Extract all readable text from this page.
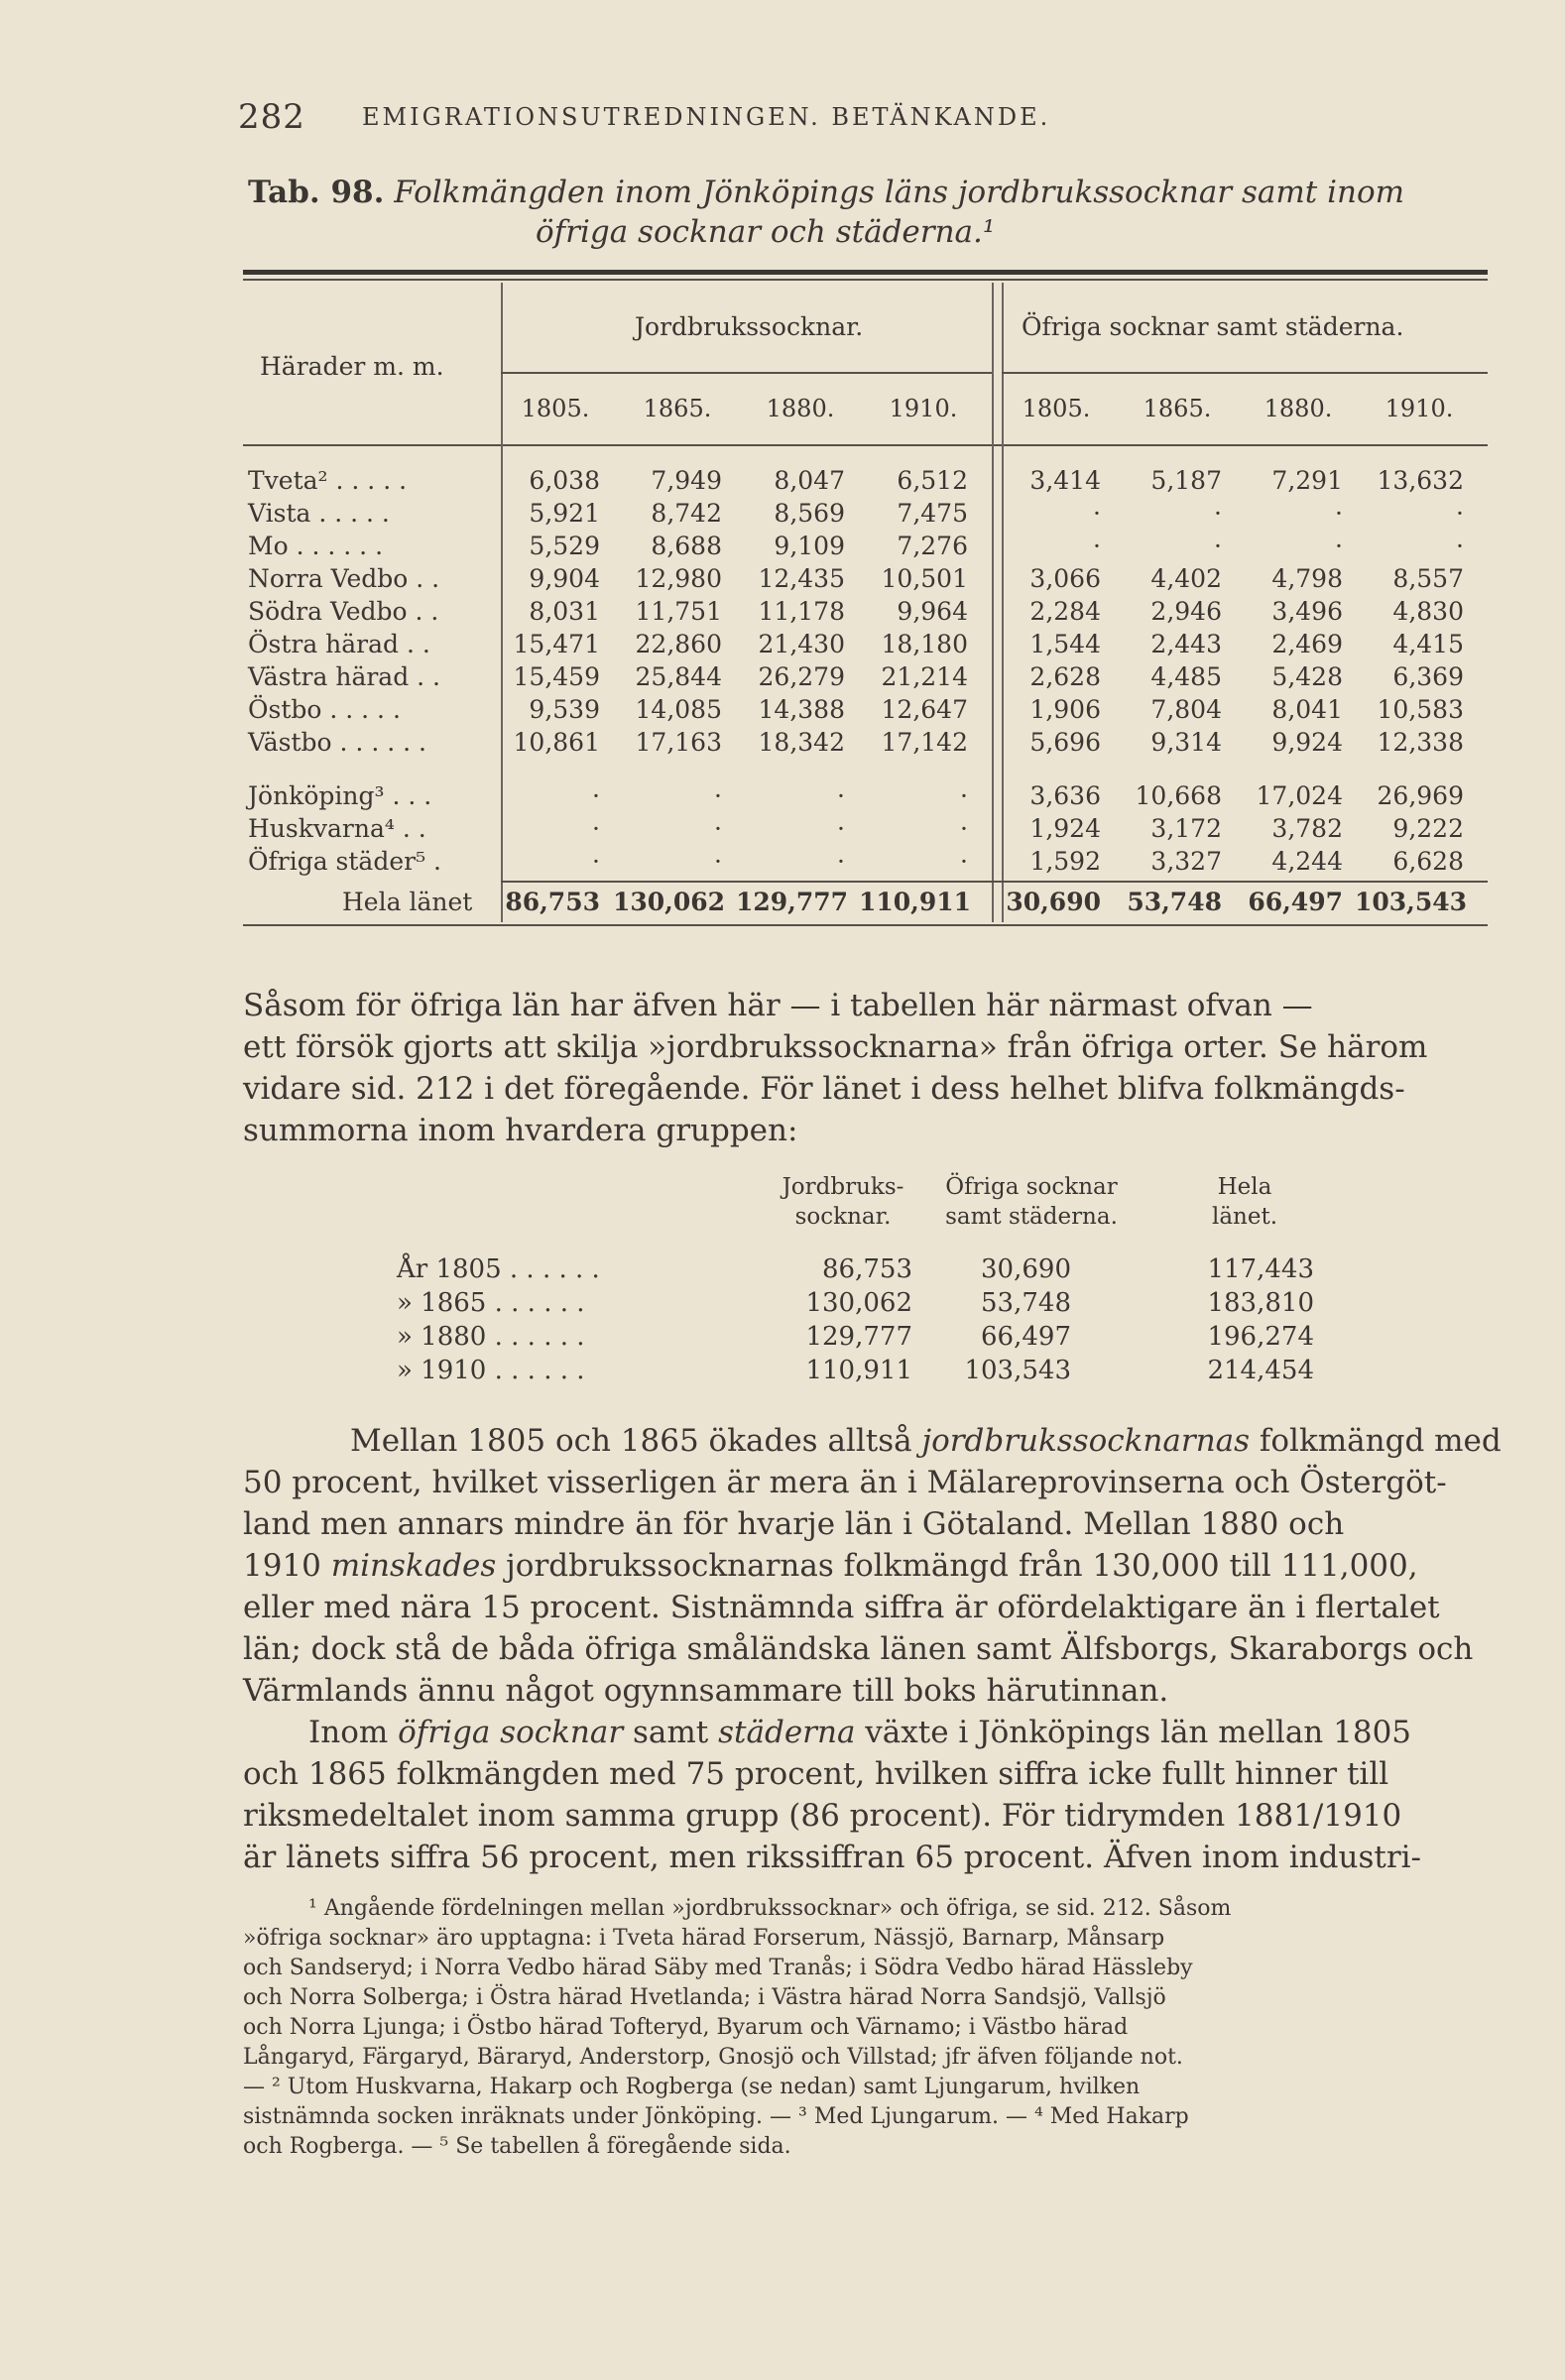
282 EMIGRATIONSUTREDNINGEN. BETÄNKANDE.
Tab. 98. Folkmängden inom Jönköpings läns jordbrukssocknar samt inom
öfriga socknar och städerna.¹
Härader m. m.
Jordbrukssocknar.	Öfriga socknar samt städerna.
1805.	1865.	1880.	1910.	1805.	1865.	1880.	1910.
Tveta² . . . . .	6,038	7,949	8,047	6,512	3,414	5,187	7,291	13,632
Vista . . . . .	5,921	8,742	8,569	7,475	·	·	·	·
Mo . . . . . .	5,529	8,688	9,109	7,276	·	·	·	·
Norra Vedbo . .	9,904	12,980	12,435	10,501	3,066	4,402	4,798	8,557
Södra Vedbo . .	8,031	11,751	11,178	9,964	2,284	2,946	3,496	4,830
Östra härad . .	15,471	22,860	21,430	18,180	1,544	2,443	2,469	4,415
Västra härad . .	15,459	25,844	26,279	21,214	2,628	4,485	5,428	6,369
Östbo . . . . .	9,539	14,085	14,388	12,647	1,906	7,804	8,041	10,583
Västbo . . . . . .	10,861	17,163	18,342	17,142	5,696	9,314	9,924	12,338
Jönköping³ . . .	·	·	·	·	3,636	10,668	17,024	26,969
Huskvarna⁴ . .	·	·	·	·	1,924	3,172	3,782	9,222
Öfriga städer⁵ .	·	·	·	·	1,592	3,327	4,244	6,628
Hela länet	86,753 130,062 129,777 110,911	30,690	53,748	66,497 103,543
Såsom för öfriga län har äfven här — i tabellen här närmast ofvan —
ett försök gjorts att skilja »jordbrukssocknarna» från öfriga orter. Se härom
vidare sid. 212 i det föregående. För länet i dess helhet blifva folkmängds-
summorna inom hvardera gruppen:
Jordbruks-
socknar.
Öfriga socknar
samt städerna.
Hela
länet.
År 1805 . . . . . .	86,753	30,690	117,443
» 1865 . . . . . .	130,062	53,748	183,810
» 1880 . . . . . .	129,777	66,497	196,274
» 1910 . . . . . .	110,911	103,543	214,454
Mellan 1805 och 1865 ökades alltså jordbrukssocknarnas folkmängd med
50 procent, hvilket visserligen är mera än i Mälareprovinserna och Östergöt-
land men annars mindre än för hvarje län i Götaland. Mellan 1880 och
1910 minskades jordbrukssocknarnas folkmängd från 130,000 till 111,000,
eller med nära 15 procent. Sistnämnda siffra är ofördelaktigare än i flertalet
län; dock stå de båda öfriga småländska länen samt Älfsborgs, Skaraborgs och
Värmlands ännu något ogynnsammare till boks härutinnan.
Inom öfriga socknar samt städerna växte i Jönköpings län mellan 1805
och 1865 folkmängden med 75 procent, hvilken siffra icke fullt hinner till
riksmedeltalet inom samma grupp (86 procent). För tidrymden 1881/1910
är länets siffra 56 procent, men rikssiffran 65 procent. Äfven inom industri-
¹ Angående fördelningen mellan »jordbrukssocknar» och öfriga, se sid. 212. Såsom
»öfriga socknar» äro upptagna: i Tveta härad Forserum, Nässjö, Barnarp, Månsarp
och Sandseryd; i Norra Vedbo härad Säby med Tranås; i Södra Vedbo härad Hässleby
och Norra Solberga; i Östra härad Hvetlanda; i Västra härad Norra Sandsjö, Vallsjö
och Norra Ljunga; i Östbo härad Tofteryd, Byarum och Värnamo; i Västbo härad
Långaryd, Färgaryd, Bäraryd, Anderstorp, Gnosjö och Villstad; jfr äfven följande not.
— ² Utom Huskvarna, Hakarp och Rogberga (se nedan) samt Ljungarum, hvilken
sistnämnda socken inräknats under Jönköping. — ³ Med Ljungarum. — ⁴ Med Hakarp
och Rogberga. — ⁵ Se tabellen å föregående sida.
